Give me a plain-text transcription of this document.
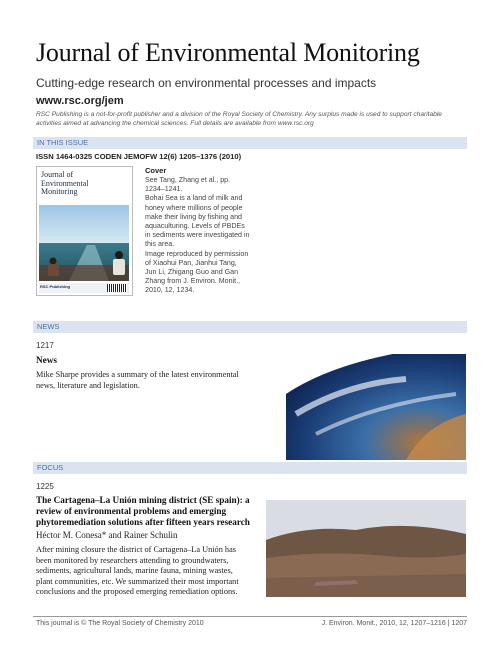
Journal of Environmental Monitoring
Cutting-edge research on environmental processes and impacts
www.rsc.org/jem
RSC Publishing is a not-for-profit publisher and a division of the Royal Society of Chemistry. Any surplus made is used to support charitable activities aimed at advancing the chemical sciences. Full details are available from www.rsc.org
IN THIS ISSUE
ISSN 1464-0325 CODEN JEMOFW 12(6) 1205–1376 (2010)
Journal of Environmental Monitoring
RSC Publishing
Cover

See Tang, Zhang et al., pp. 1234–1241.

Bohai Sea is a land of milk and honey where millions of people make their living by fishing and aquaculturing. Levels of PBDEs in sediments were investigated in this area.

Image reproduced by permission of Xiaohui Pan, Jianhui Tang, Jun Li, Zhigang Guo and Gan Zhang from J. Environ. Monit., 2010, 12, 1234.

NEWS
1217
News
Mike Sharpe provides a summary of the latest environmental news, literature and legislation.
FOCUS
1225
The Cartagena–La Unión mining district (SE spain): a review of environmental problems and emerging phytoremediation solutions after fifteen years research
Héctor M. Conesa* and Rainer Schulin
After mining closure the district of Cartagena–La Unión has been monitored by researchers attending to groundwaters, sediments, agricultural lands, marine fauna, mining wastes, plant communities, etc. We summarized their most important conclusions and the proposed emerging remediation options.
This journal is © The Royal Society of Chemistry 2010	J. Environ. Monit., 2010, 12, 1207–1216 | 1207
